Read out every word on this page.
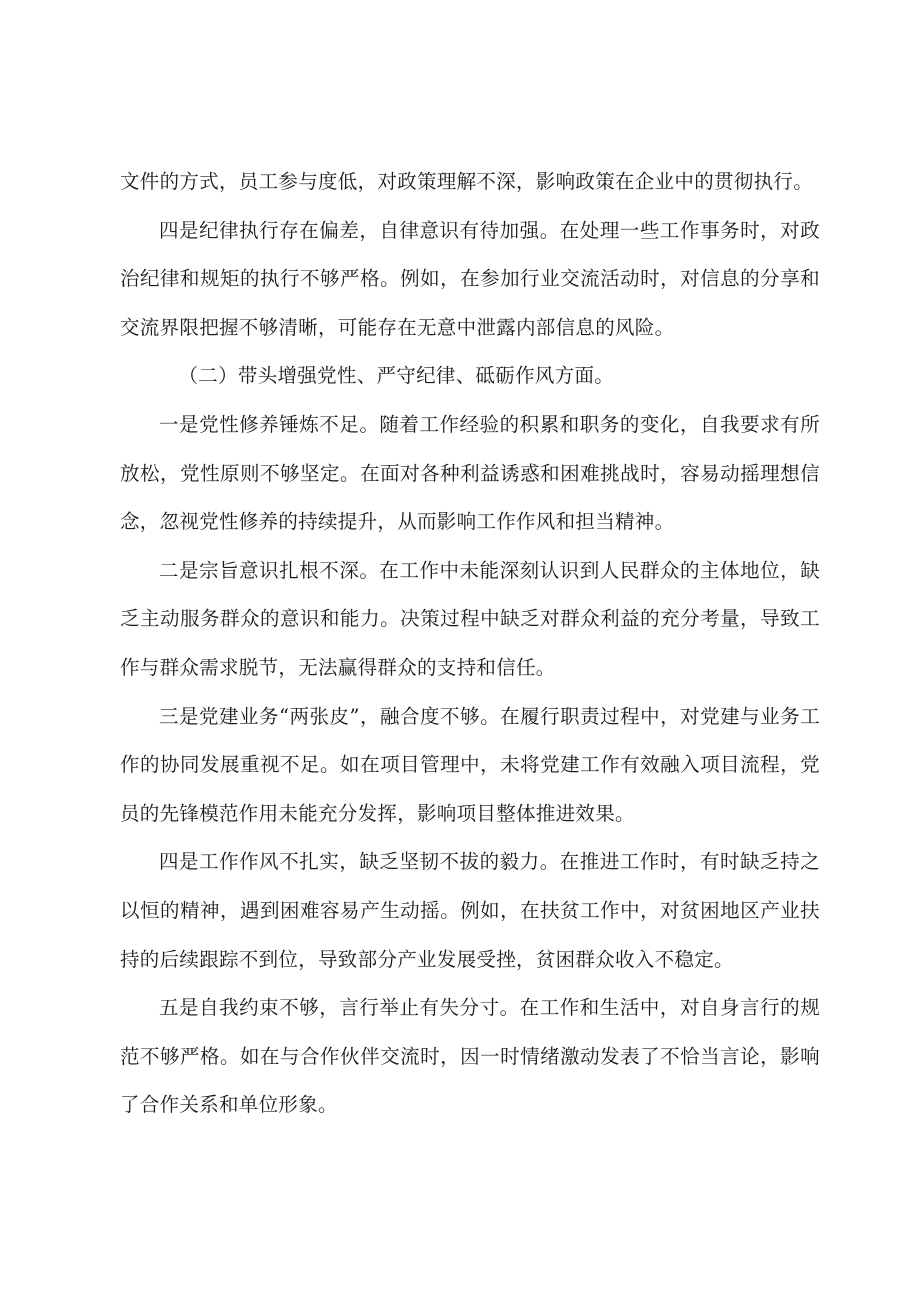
文件的方式，员工参与度低，对政策理解不深，影响政策在企业中的贯彻执行。

四是纪律执行存在偏差，自律意识有待加强。在处理一些工作事务时，对政治纪律和规矩的执行不够严格。例如，在参加行业交流活动时，对信息的分享和交流界限把握不够清晰，可能存在无意中泄露内部信息的风险。

（二）带头增强党性、严守纪律、砥砺作风方面。

一是党性修养锤炼不足。随着工作经验的积累和职务的变化，自我要求有所放松，党性原则不够坚定。在面对各种利益诱惑和困难挑战时，容易动摇理想信念，忽视党性修养的持续提升，从而影响工作作风和担当精神。

二是宗旨意识扎根不深。在工作中未能深刻认识到人民群众的主体地位，缺乏主动服务群众的意识和能力。决策过程中缺乏对群众利益的充分考量，导致工作与群众需求脱节，无法赢得群众的支持和信任。

三是党建业务“两张皮”，融合度不够。在履行职责过程中，对党建与业务工作的协同发展重视不足。如在项目管理中，未将党建工作有效融入项目流程，党员的先锋模范作用未能充分发挥，影响项目整体推进效果。

四是工作作风不扎实，缺乏坚韧不拔的毅力。在推进工作时，有时缺乏持之以恒的精神，遇到困难容易产生动摇。例如，在扶贫工作中，对贫困地区产业扶持的后续跟踪不到位，导致部分产业发展受挫，贫困群众收入不稳定。

五是自我约束不够，言行举止有失分寸。在工作和生活中，对自身言行的规范不够严格。如在与合作伙伴交流时，因一时情绪激动发表了不恰当言论，影响了合作关系和单位形象。
